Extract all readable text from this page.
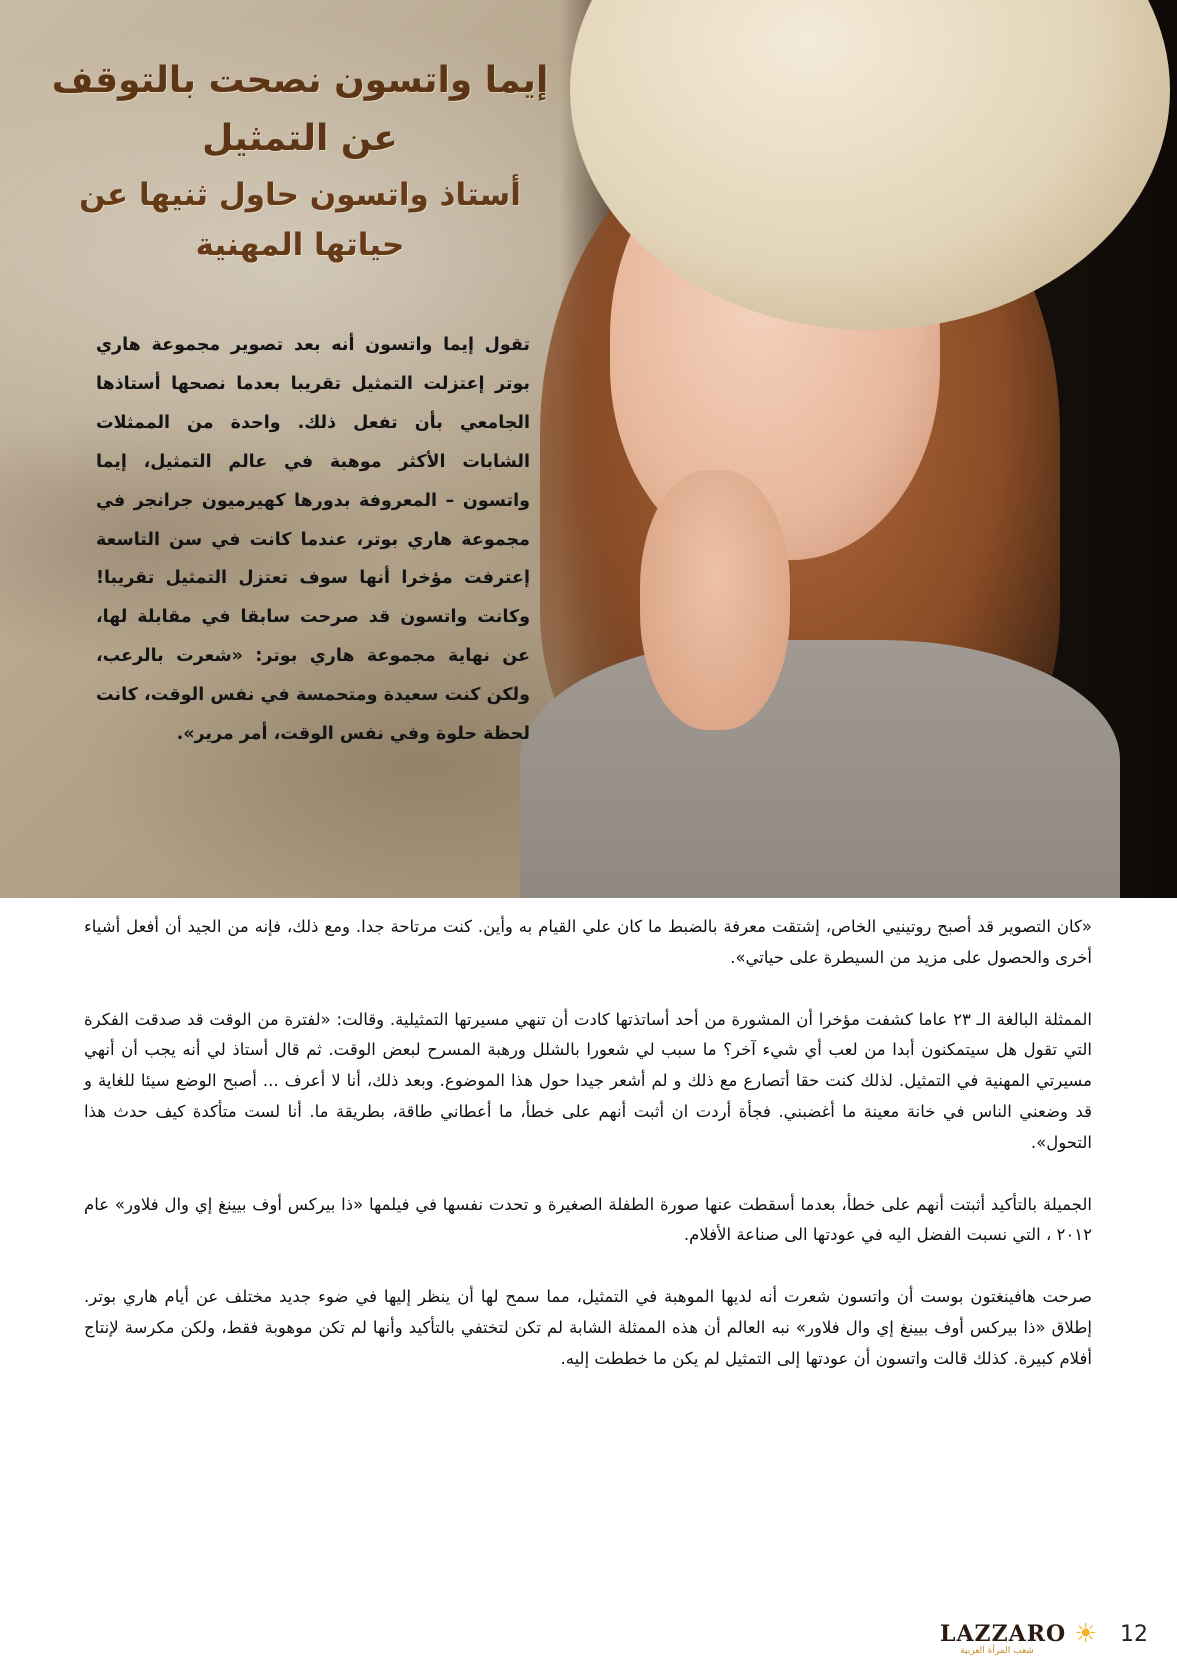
إيما واتسون نصحت بالتوقف عن التمثيل
أستاذ واتسون حاول ثنيها عن حياتها المهنية

تقول إيما واتسون أنه بعد تصوير مجموعة هاري بوتر إعتزلت التمثيل تقريبا بعدما نصحها أستاذها الجامعي بأن تفعل ذلك. واحدة من الممثلات الشابات الأكثر موهبة في عالم التمثيل، إيما واتسون – المعروفة بدورها كهيرميون جرانجر في مجموعة هاري بوتر، عندما كانت في سن التاسعة إعترفت مؤخرا أنها سوف تعتزل التمثيل تقريبا! وكانت واتسون قد صرحت سابقا في مقابلة لها، عن نهاية مجموعة هاري بوتر: «شعرت بالرعب، ولكن كنت سعيدة ومتحمسة في نفس الوقت، كانت لحظة حلوة وفي نفس الوقت، أمر مرير».

«كان التصوير قد أصبح روتينيي الخاص، إشتقت معرفة بالضبط ما كان علي القيام به وأين. كنت مرتاحة جدا. ومع ذلك، فإنه من الجيد أن أفعل أشياء أخرى والحصول على مزيد من السيطرة على حياتي».

الممثلة البالغة الـ ٢٣ عاما كشفت مؤخرا أن المشورة من أحد أساتذتها كادت أن تنهي مسيرتها التمثيلية. وقالت: «لفترة من الوقت قد صدقت الفكرة التي تقول هل سيتمكنون أبدا من لعب أي شيء آخر؟ ما سبب لي شعورا بالشلل ورهبة المسرح لبعض الوقت. ثم قال أستاذ لي أنه يجب أن أنهي مسيرتي المهنية في التمثيل. لذلك كنت حقا أتصارع مع ذلك و لم أشعر جيدا حول هذا الموضوع. وبعد ذلك، أنا لا أعرف ... أصبح الوضع سيئا للغاية و قد وضعني الناس في خانة معينة ما أغضبني. فجأة أردت ان أثبت أنهم على خطأ، ما أعطاني طاقة، بطريقة ما. أنا لست متأكدة كيف حدث هذا التحول».

الجميلة بالتأكيد أثبتت أنهم على خطأ، بعدما أسقطت عنها صورة الطفلة الصغيرة و تحدت نفسها في فيلمها «ذا بيركس أوف بيينغ إي وال فلاور» عام ٢٠١٢ ، التي نسبت الفضل اليه في عودتها الى صناعة الأفلام.

صرحت هافينغتون بوست أن واتسون شعرت أنه لديها الموهبة في التمثيل، مما سمح لها أن ينظر إليها في ضوء جديد مختلف عن أيام هاري بوتر. إطلاق «ذا بيركس أوف بيينغ إي وال فلاور» نبه العالم أن هذه الممثلة الشابة لم تكن لتختفي بالتأكيد وأنها لم تكن موهوبة فقط، ولكن مكرسة لإنتاج أفلام كبيرة. كذلك قالت واتسون أن عودتها إلى التمثيل لم يكن ما خططت إليه.

LAZZARO
شعب المرأة العربية
☀ 12
